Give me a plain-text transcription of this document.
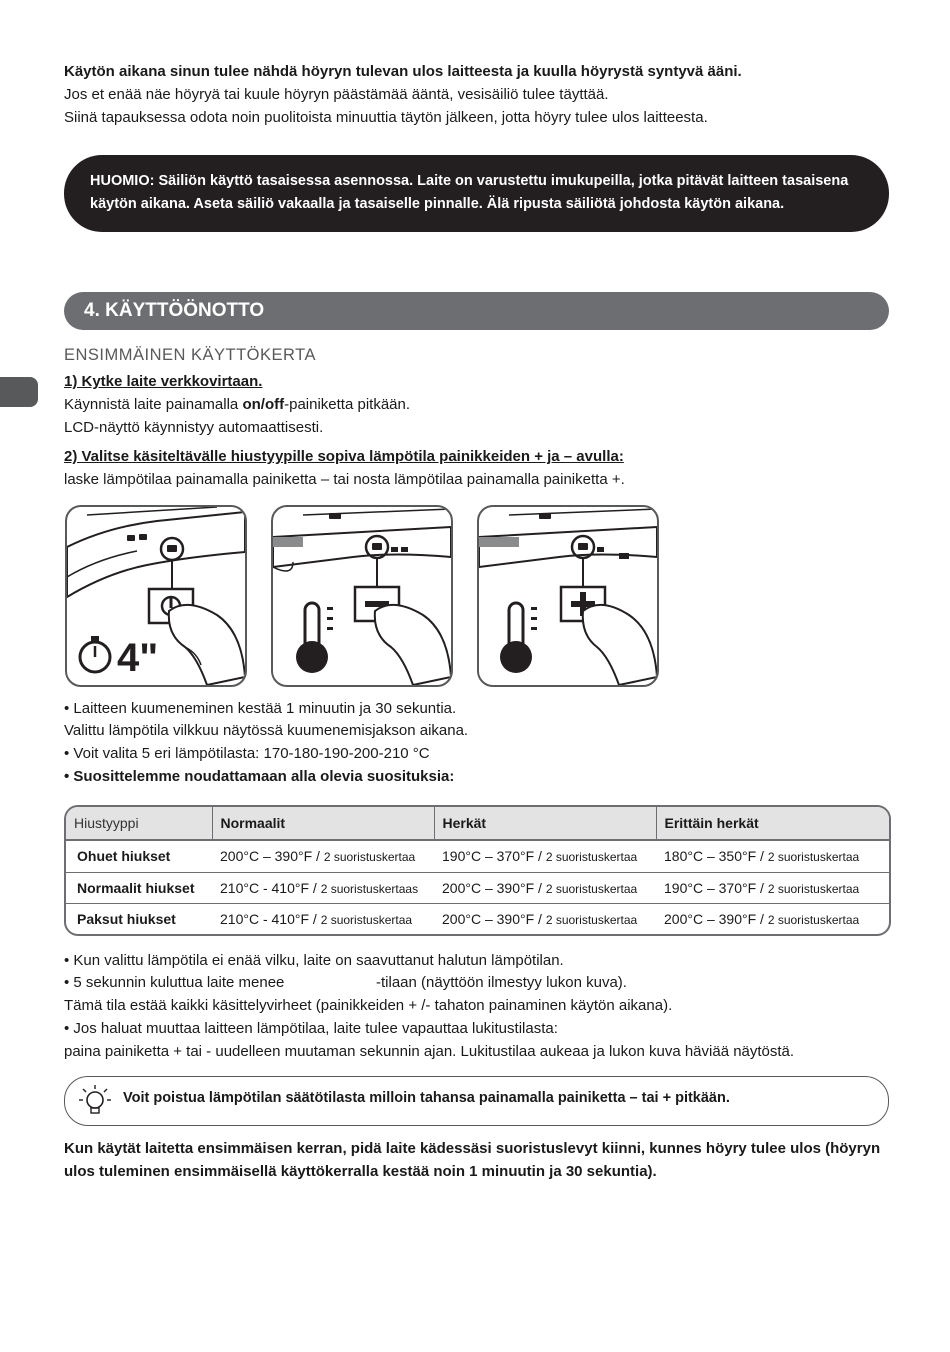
Käytön aikana sinun tulee nähdä höyryn tulevan ulos laitteesta ja kuulla höyrystä syntyvä ääni.
Jos et enää näe höyryä tai kuule höyryn päästämää ääntä, vesisäiliö tulee täyttää.
Siinä tapauksessa odota noin puolitoista minuuttia täytön jälkeen, jotta höyry tulee ulos laitteesta.
HUOMIO: Säiliön käyttö tasaisessa asennossa. Laite on varustettu imukupeilla, jotka pitävät laitteen tasaisena
käytön aikana. Aseta säiliö vakaalla ja tasaiselle pinnalle. Älä ripusta säiliötä johdosta käytön aikana.
4. KÄYTTÖÖNOTTO
ENSIMMÄINEN KÄYTTÖKERTA
1) Kytke laite verkkovirtaan.
Käynnistä laite painamalla on/off-painiketta pitkään.
LCD-näyttö käynnistyy automaattisesti.
2) Valitse käsiteltävälle hiustyypille sopiva lämpötila painikkeiden + ja – avulla:
laske lämpötilaa painamalla painiketta – tai nosta lämpötilaa painamalla painiketta +.
4"
• Laitteen kuumeneminen kestää 1 minuutin ja 30 sekuntia.
Valittu lämpötila vilkkuu näytössä kuumenemisjakson aikana.
• Voit valita 5 eri lämpötilasta: 170-180-190-200-210 °C
• Suosittelemme noudattamaan alla olevia suosituksia:
Hiustyyppi	Normaalit	Herkät	Erittäin herkät
Ohuet hiukset	200°C – 390°F / 2 suoristuskertaa	190°C – 370°F / 2 suoristuskertaa	180°C – 350°F / 2 suoristuskertaa
Normaalit hiukset	210°C - 410°F / 2 suoristuskertaas	200°C – 390°F / 2 suoristuskertaa	190°C – 370°F / 2 suoristuskertaa
Paksut hiukset	210°C - 410°F / 2 suoristuskertaa	200°C – 390°F / 2 suoristuskertaa	200°C – 390°F / 2 suoristuskertaa
• Kun valittu lämpötila ei enää vilku, laite on saavuttanut halutun lämpötilan.
• 5 sekunnin kuluttua laite menee	-tilaan (näyttöön ilmestyy lukon kuva).
Tämä tila estää kaikki käsittelyvirheet (painikkeiden + /- tahaton painaminen käytön aikana).
• Jos haluat muuttaa laitteen lämpötilaa, laite tulee vapauttaa lukitustilasta:
paina painiketta + tai - uudelleen muutaman sekunnin ajan. Lukitustilaa aukeaa ja lukon kuva häviää näytöstä.
Voit poistua lämpötilan säätötilasta milloin tahansa painamalla painiketta – tai + pitkään.
Kun käytät laitetta ensimmäisen kerran, pidä laite kädessäsi suoristuslevyt kiinni, kunnes höyry tulee ulos (höyryn
ulos tuleminen ensimmäisellä käyttökerralla kestää noin 1 minuutin ja 30 sekuntia).
